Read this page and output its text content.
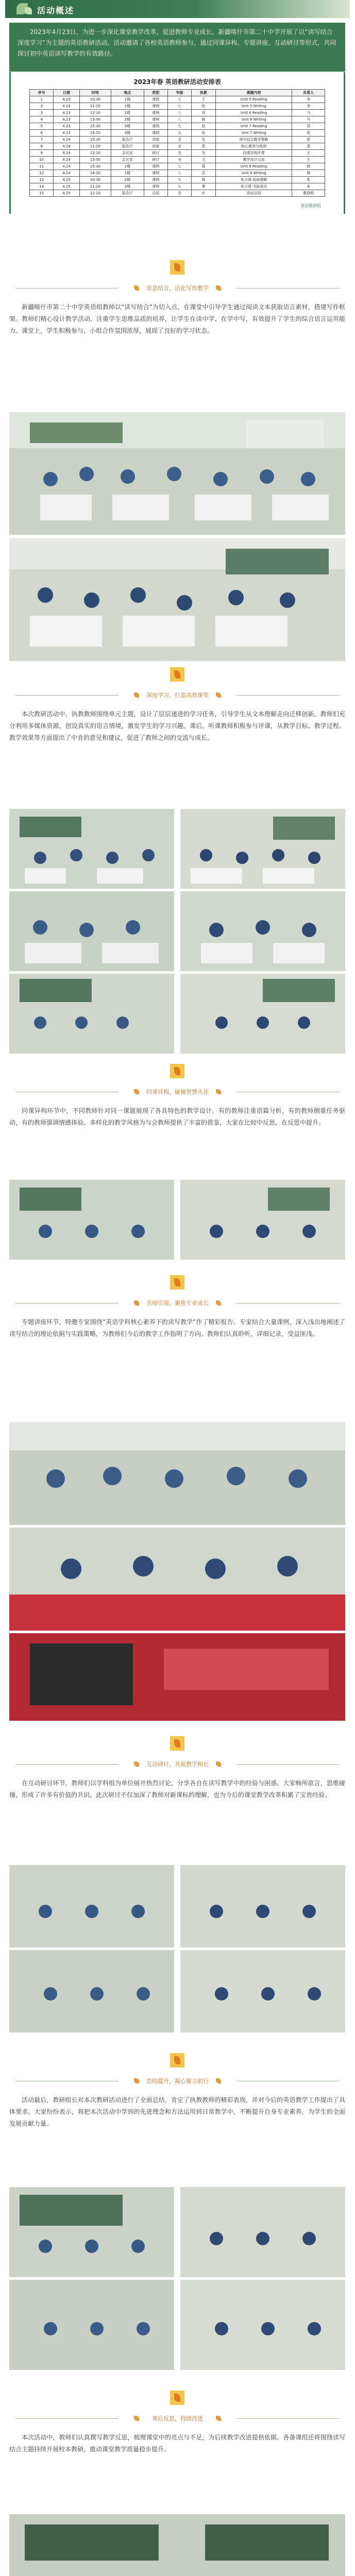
活动概述
2023年4月23日，为进一步深化课堂教学改革，促进教师专业成长，新疆喀什市第二十中学开展了以“读写结合 深度学习”为主题的英语教研活动。活动邀请了各校英语教师参与，通过同课异构、专题讲座、互动研讨等形式，共同探讨初中英语读写教学的有效路径。
2023年春 英语教研活动安排表
序号	日期	时间	地点	类型	年级	执教	课题内容	负责人
1	4.23	10:30	1楼	课例	七	王	Unit 5 Reading	李
2	4.23	11:20	1楼	课例	七	张	Unit 5 Writing	李
3	4.23	12:10	2楼	课例	八	刘	Unit 6 Reading	马
4	4.23	13:00	2楼	课例	八	陈	Unit 6 Writing	马
5	4.23	15:30	3楼	课例	九	赵	Unit 7 Reading	周
6	4.23	16:20	3楼	课例	九	孙	Unit 7 Writing	周
7	4.24	10:30	报告厅	讲座	全	吴	读写结合教学策略	郑
8	4.24	11:20	报告厅	讲座	全	郑	核心素养与阅读	郑
9	4.24	12:10	会议室	研讨	全	冯	同课异构评课	王
10	4.24	13:00	会议室	研讨	全	卫	教学设计交流	王
11	4.24	15:30	1楼	课例	七	蒋	Unit 8 Reading	韩
12	4.24	16:20	1楼	课例	八	沈	Unit 8 Writing	韩
13	4.25	10:30	2楼	课例	九	杨	复习课 阅读理解	朱
14	4.25	11:20	2楼	课例	九	秦	复习课 书面表达	朱
15	4.25	12:10	报告厅	总结	全	许	活动总结	教研组
英语教研组
读思结合，活化写作教学
新疆喀什市第二十中学英语组教师以“读写结合”为切入点，在课堂中引导学生通过阅读文本获取语言素材，搭建写作框架。教师们精心设计教学活动，注重学生思维品质的培养，让学生在读中学、在学中写，有效提升了学生的综合语言运用能力。课堂上，学生积极参与，小组合作氛围浓厚，展现了良好的学习状态。
深度学习，打造高效课堂
本次教研活动中，执教教师围绕单元主题，设计了层层递进的学习任务，引导学生从文本理解走向迁移创新。教师们充分利用多媒体资源，创设真实的语言情境，激发学生的学习兴趣。课后，听课教师积极参与评课，从教学目标、教学过程、教学效果等方面提出了中肯的意见和建议，促进了教师之间的交流与成长。
同课异构，碰撞智慧火花
同课异构环节中，不同教师针对同一课题展现了各具特色的教学设计。有的教师注重语篇分析，有的教师侧重任务驱动，有的教师强调情感体验。多样化的教学风格为与会教师提供了丰富的借鉴，大家在比较中反思，在反思中提升。
名师引领，聚焦专业成长
专题讲座环节，特邀专家围绕“英语学科核心素养下的读写教学”作了精彩报告。专家结合大量课例，深入浅出地阐述了读写结合的理论依据与实践策略，为教师们今后的教学工作指明了方向。教师们认真聆听，详细记录，受益匪浅。
互动研讨，共促教学相长
在互动研讨环节，教师们以学科组为单位展开热烈讨论，分享各自在读写教学中的经验与困惑。大家畅所欲言，思维碰撞，形成了许多有价值的共识。此次研讨不仅加深了教师对新课标的理解，也为今后的课堂教学改革积累了宝贵经验。
总结提升，凝心聚力前行
活动最后，教研组长对本次教研活动进行了全面总结，肯定了执教教师的精彩表现，并对今后的英语教学工作提出了具体要求。大家纷纷表示，将把本次活动中学到的先进理念和方法运用到日常教学中，不断提升自身专业素养，为学生的全面发展贡献力量。
课后反思，持续改进
本次活动中，教师们认真撰写教学反思，梳理课堂中的亮点与不足，为后续教学改进提供依据。各备课组还将围绕读写结合主题持续开展校本教研，推动课堂教学质量稳步提升。
